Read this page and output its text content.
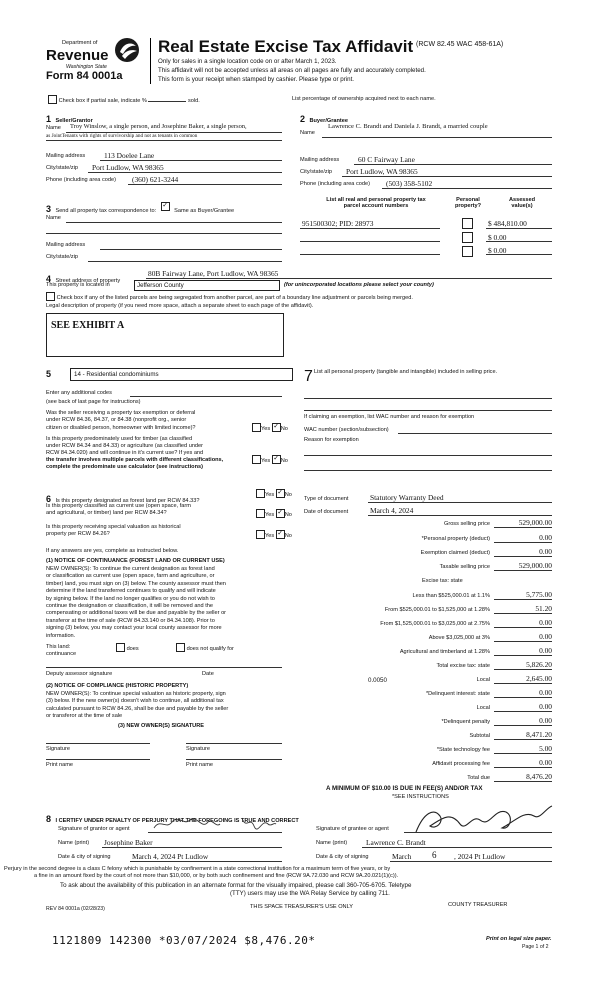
Department of
Revenue
Washington State
Form 84 0001a
Real Estate Excise Tax Affidavit (RCW 82.45 WAC 458-61A)
Only for sales in a single location code on or after March 1, 2023.
This affidavit will not be accepted unless all areas on all pages are fully and accurately completed.
This form is your receipt when stamped by cashier. Please type or print.
Check box if partial sale, indicate %	sold.	List percentage of ownership acquired next to each name.
1 Seller/Grantor
Name Troy Winslow, a single person, and Josephine Baker, a single person,
as JointTenants with rights of survivorship and not as tenants in common
Mailing address	113 Doelee Lane
City/state/zip Port Ludlow, WA 98365
Phone (including area code) (360) 621-3244
2 Buyer/Grantee
Lawrence C. Brandt and Daniela J. Brandt, a married couple
Name
Mailing address	60 C Fairway Lane
City/state/zip Port Ludlow, WA 98365
Phone (including area code) (503) 358-5102
3 Send all property tax correspondence to: ✓ Same as Buyer/Grantee
Name
Mailing address
City/state/zip
List all real and personal property tax
parcel account numbers
Personal
property?
Assessed
value(s)
951500302; PID: 28973	$ 484,810.00
$ 0.00
$ 0.00
4 Street address of property
80B Fairway Lane, Port Ludlow, WA 98365
This property is located in	Jefferson County	(for unincorporated locations please select your county)
Check box if any of the listed parcels are being segregated from another parcel, are part of a boundary line adjustment or parcels being merged.
Legal description of property (if you need more space, attach a separate sheet to each page of the affidavit).
SEE EXHIBIT A
5	14 - Residential condominiums
Enter any additional codes
(see back of last page for instructions)
Was the seller receiving a property tax exemption or deferral
under RCW 84.36, 84.37, or 84.38 (nonprofit org., senior
citizen or disabled person, homeowner with limited income)?	Yes ✓ No
Is this property predominately used for timber (as classified
under RCW 84.34 and 84.33) or agriculture (as classified under
RCW 84.34.020) and will continue in it's current use? If yes and
the transfer involves multiple parcels with different classifications,
complete the predominate use calculator (see instructions)
Yes ✓ No
6 Is this property designated as forest land per RCW 84.33?
Yes ✓ No
Is this property classified as current use (open space, farm
and agricultural, or timber) land per RCW 84.34?	Yes ✓ No
Is this property receiving special valuation as historical
property per RCW 84.26?	Yes ✓ No
If any answers are yes, complete as instructed below.
(1) NOTICE OF CONTINUANCE (FOREST LAND OR CURRENT USE)
NEW OWNER(S): To continue the current designation as forest land
or classification as current use (open space, farm and agriculture, or
timber) land, you must sign on (3) below. The county assessor must then
determine if the land transferred continues to qualify and will indicate
by signing below. If the land no longer qualifies or you do not wish to
continue the designation or classification, it will be removed and the
compensating or additional taxes will be due and payable by the seller or
transferor at the time of sale (RCW 84.33.140 or 84.34.108). Prior to
signing (3) below, you may contact your local county assessor for more
information.
This land:
continuance
does	does not qualify for
Deputy assessor signature	Date
(2) NOTICE OF COMPLIANCE (HISTORIC PROPERTY)
NEW OWNER(S): To continue special valuation as historic property, sign
(3) below. If the new owner(s) doesn't wish to continue, all additional tax
calculated pursuant to RCW 84.26, shall be due and payable by the seller
or transferor at the time of sale
(3) NEW OWNER(S) SIGNATURE
Signature	Signature
Print name	Print name
7 List all personal property (tangible and intangible) included in selling price.
If claiming an exemption, list WAC number and reason for exemption
WAC number (section/subsection)
Reason for exemption
Type of document	Statutory Warranty Deed
Date of document	March 4, 2024
Gross selling price	529,000.00
*Personal property (deduct)	0.00
Exemption claimed (deduct)	0.00
Taxable selling price	529,000.00
Excise tax: state
Less than $525,000.01 at 1.1%	5,775.00
From $525,000.01 to $1,525,000 at 1.28%	51.20
From $1,525,000.01 to $3,025,000 at 2.75%	0.00
Above $3,025,000 at 3%	0.00
Agricultural and timberland at 1.28%	0.00
Total excise tax: state	5,826.20
0.0050	Local	2,645.00
*Delinquent interest: state	0.00
Local	0.00
*Delinquent penalty	0.00
Subtotal	8,471.20
*State technology fee	5.00
Affidavit processing fee	0.00
Total due	8,476.20
A MINIMUM OF $10.00 IS DUE IN FEE(S) AND/OR TAX
*SEE INSTRUCTIONS
8 I CERTIFY UNDER PENALTY OF PERJURY THAT THE FOREGOING IS TRUE AND CORRECT
Signature of grantor or agent
Name (print) Josephine Baker
Date & city of signing	March 4, 2024 Pt Ludlow
Signature of grantee or agent
Name (print)	Lawrence C. Brandt
Date & city of signing	March 6 , 2024 Pt Ludlow
Perjury in the second degree is a class C felony which is punishable by confinement in a state correctional institution for a maximum term of five years, or by
a fine in an amount fixed by the court of not more than $10,000, or by both such confinement and fine (RCW 9A.72.030 and RCW 9A.20.021(1)(c)).
To ask about the availability of this publication in an alternate format for the visually impaired, please call 360-705-6705. Teletype
(TTY) users may use the WA Relay Service by calling 711.
REV 84 0001a (02/28/23)	THIS SPACE TREASURER'S USE ONLY	COUNTY TREASURER
1121809 142300 *03/07/2024 $8,476.20*	Print on legal size paper.
Page 1 of 2
